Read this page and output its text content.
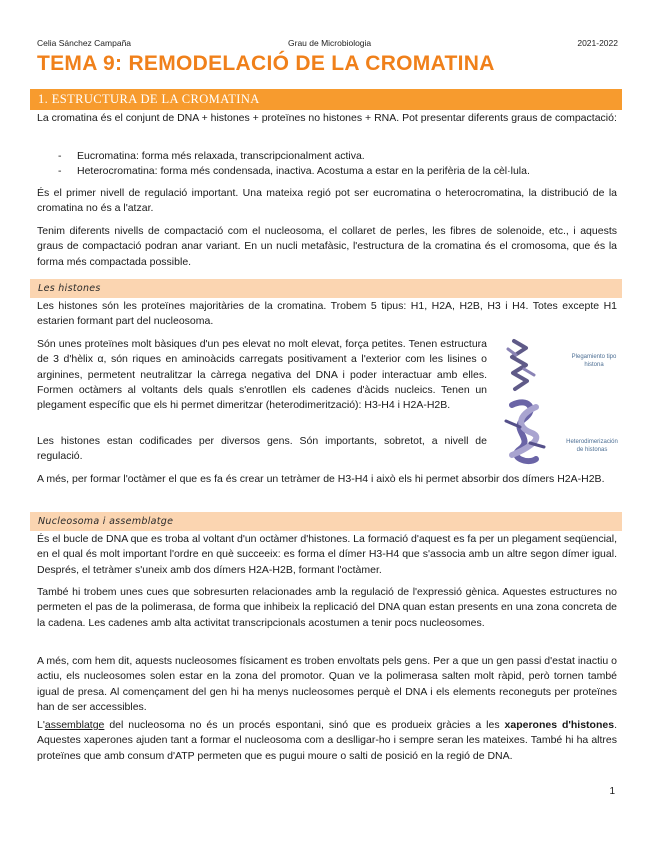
Celia Sánchez Campaña	Grau de Microbiologia	2021-2022
TEMA 9: REMODELACIÓ DE LA CROMATINA
1. ESTRUCTURA DE LA CROMATINA

La cromatina és el conjunt de DNA + histones + proteïnes no histones + RNA. Pot presentar diferents graus de compactació:

- Eucromatina: forma més relaxada, transcripcionalment activa.
- Heterocromatina: forma més condensada, inactiva. Acostuma a estar en la perifèria de la cèl·lula.

És el primer nivell de regulació important. Una mateixa regió pot ser eucromatina o heterocromatina, la distribució de la cromatina no és a l'atzar.

Tenim diferents nivells de compactació com el nucleosoma, el collaret de perles, les fibres de solenoide, etc., i aquests graus de compactació podran anar variant. En un nucli metafàsic, l'estructura de la cromatina és el cromosoma, que és la forma més compactada possible.

Les histones

Les histones són les proteïnes majoritàries de la cromatina. Trobem 5 tipus: H1, H2A, H2B, H3 i H4. Totes excepte H1 estarien formant part del nucleosoma.

Són unes proteïnes molt bàsiques d'un pes elevat no molt elevat, força petites. Tenen estructura de 3 d'hèlix α, són riques en aminoàcids carregats positivament a l'exterior com les lisines o arginines, permetent neutralitzar la càrrega negativa del DNA i poder interactuar amb elles. Formen octàmers al voltants dels quals s'enrotllen els cadenes d'àcids nucleics. Tenen un plegament específic que els hi permet dimeritzar (heterodimerització): H3-H4 i H2A-H2B.

Les histones estan codificades per diversos gens. Són importants, sobretot, a nivell de regulació.

Plegamiento tipo histona
Heterodimerización de histonas

A més, per formar l'octàmer el que es fa és crear un tetràmer de H3-H4 i això els hi permet absorbir dos dímers H2A-H2B.

Nucleosoma i assemblatge

És el bucle de DNA que es troba al voltant d'un octàmer d'histones. La formació d'aquest es fa per un plegament seqüencial, en el qual és molt important l'ordre en què succeeix: es forma el dímer H3-H4 que s'associa amb un altre segon dímer igual. Després, el tetràmer s'uneix amb dos dímers H2A-H2B, formant l'octàmer.

També hi trobem unes cues que sobresurten relacionades amb la regulació de l'expressió gènica. Aquestes estructures no permeten el pas de la polimerasa, de forma que inhibeix la replicació del DNA quan estan presents en una zona concreta de la cadena. Les cadenes amb alta activitat transcripcionals acostumen a tenir pocs nucleosomes.

A més, com hem dit, aquests nucleosomes físicament es troben envoltats pels gens. Per a que un gen passi d'estat inactiu o actiu, els nucleosomes solen estar en la zona del promotor. Quan ve la polimerasa salten molt ràpid, però tornen també igual de presa. Al començament del gen hi ha menys nucleosomes perquè el DNA i els elements reconeguts per proteïnes han de ser accessibles.

L'assemblatge del nucleosoma no és un procés espontani, sinó que es produeix gràcies a les xaperones d'histones. Aquestes xaperones ajuden tant a formar el nucleosoma com a deslligar-ho i sempre seran les mateixes. També hi ha altres proteïnes que amb consum d'ATP permeten que es pugui moure o salti de posició en la regió de DNA.

1
